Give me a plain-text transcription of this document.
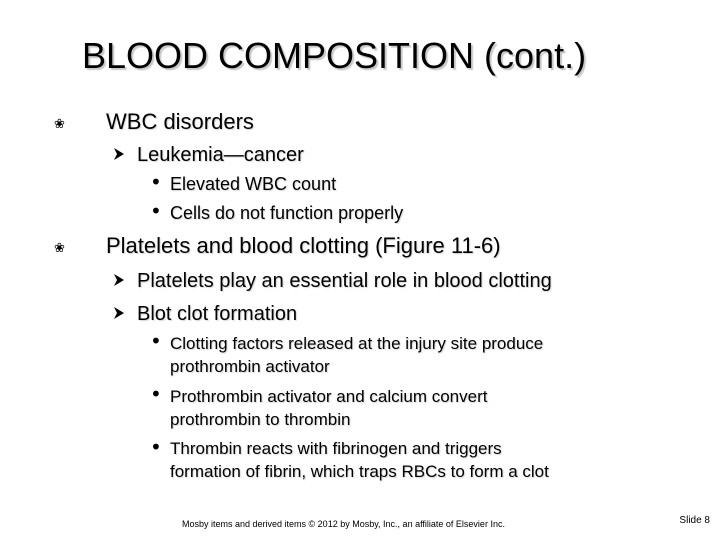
BLOOD COMPOSITION (cont.)
❀ WBC disorders
Leukemia—cancer
• Elevated WBC count
• Cells do not function properly
❀ Platelets and blood clotting (Figure 11-6)
Platelets play an essential role in blood clotting
Blot clot formation
• Clotting factors released at the injury site produce
prothrombin activator
• Prothrombin activator and calcium convert
prothrombin to thrombin
• Thrombin reacts with fibrinogen and triggers
formation of fibrin, which traps RBCs to form a clot
Mosby items and derived items © 2012 by Mosby, Inc., an affiliate of Elsevier Inc.	Slide 8
